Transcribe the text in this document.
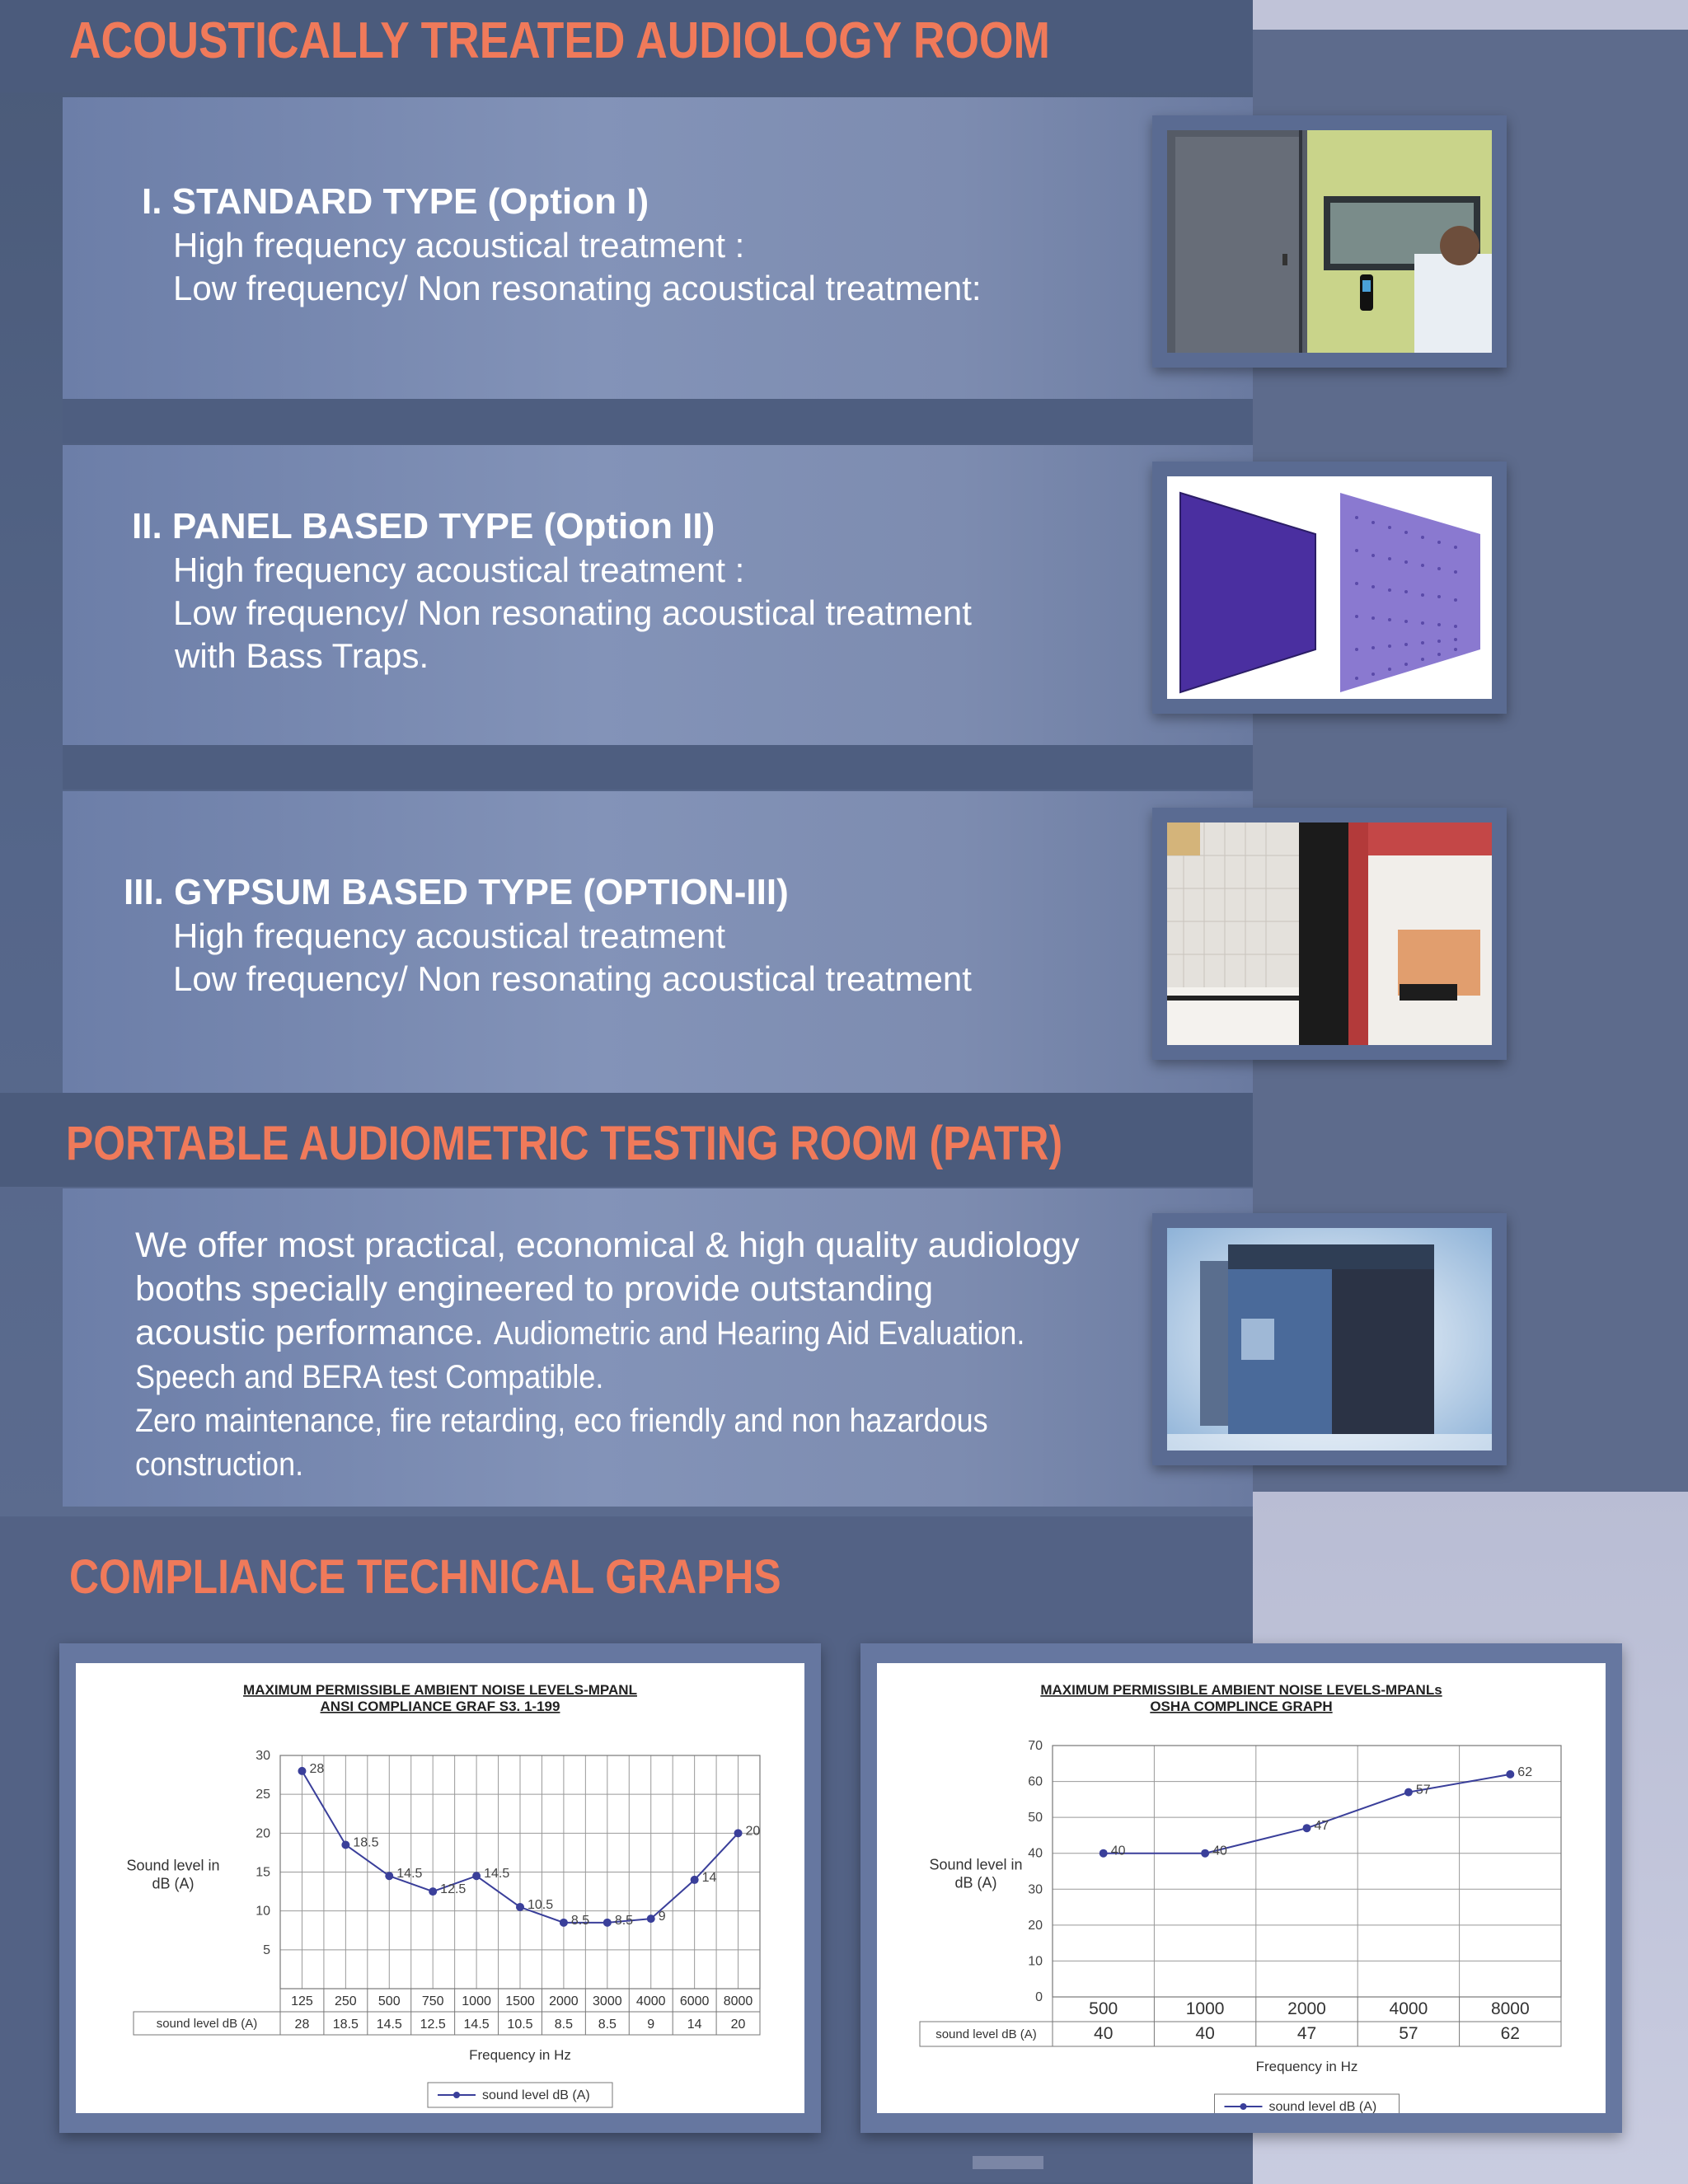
ACOUSTICALLY TREATED AUDIOLOGY ROOM
I. STANDARD TYPE (Option I)
High frequency acoustical treatment :
Low frequency/ Non resonating acoustical treatment:
II. PANEL BASED TYPE (Option II)
High frequency acoustical treatment :
Low frequency/ Non resonating acoustical treatment
with Bass Traps.
III. GYPSUM BASED TYPE (OPTION-III)
High frequency acoustical treatment
Low frequency/ Non resonating acoustical treatment
PORTABLE AUDIOMETRIC TESTING ROOM (PATR)
We offer most practical, economical & high quality audiology
booths specially engineered to provide outstanding
acoustic performance. Audiometric and Hearing Aid Evaluation.
Speech and BERA test Compatible.
Zero maintenance, fire retarding, eco friendly and non hazardous
construction.
COMPLIANCE TECHNICAL GRAPHS
MAXIMUM PERMISSIBLE AMBIENT NOISE LEVELS-MPANL
ANSI COMPLIANCE GRAF S3. 1-199
5
10
15
20
25
30
Sound level in
dB (A)
sound level dB (A)
125
28
250
18.5
500
14.5
750
12.5
1000
14.5
1500
10.5
2000
8.5
3000
8.5
4000
9
6000
14
8000
20
Frequency in Hz
28
18.5
14.5
12.5
14.5
10.5
8.5 8.5 9
14
20
sound level dB (A)
MAXIMUM PERMISSIBLE AMBIENT NOISE LEVELS-MPANLs
OSHA COMPLINCE GRAPH
0
10
20
30
40
50
60
70
Sound level in
dB (A)
sound level dB (A)
500
40
1000
40
2000
47
4000
57
8000
62
Frequency in Hz
40	40
47
57
62
sound level dB (A)
